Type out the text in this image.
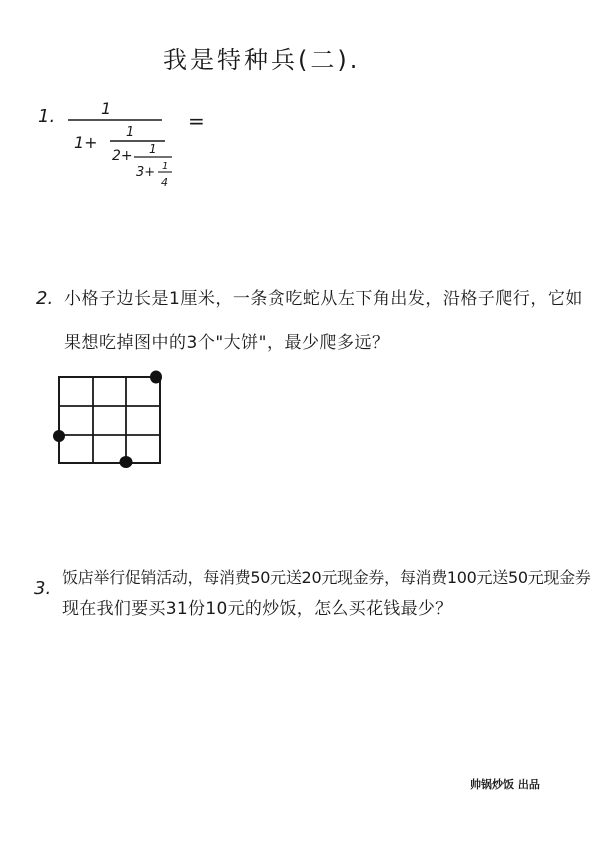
我是特种兵(二).
1.	1
1+
1
2+ 1
3+ 1
4
=
2. 小格子边长是1厘米，一条贪吃蛇从左下角出发，沿格子爬行，它如
果想吃掉图中的3个"大饼"，最少爬多远？
3.
饭店举行促销活动，每消费50元送20元现金券，每消费100元送50元现金券
现在我们要买31份10元的炒饭，怎么买花钱最少？
帅锅炒饭 出品
